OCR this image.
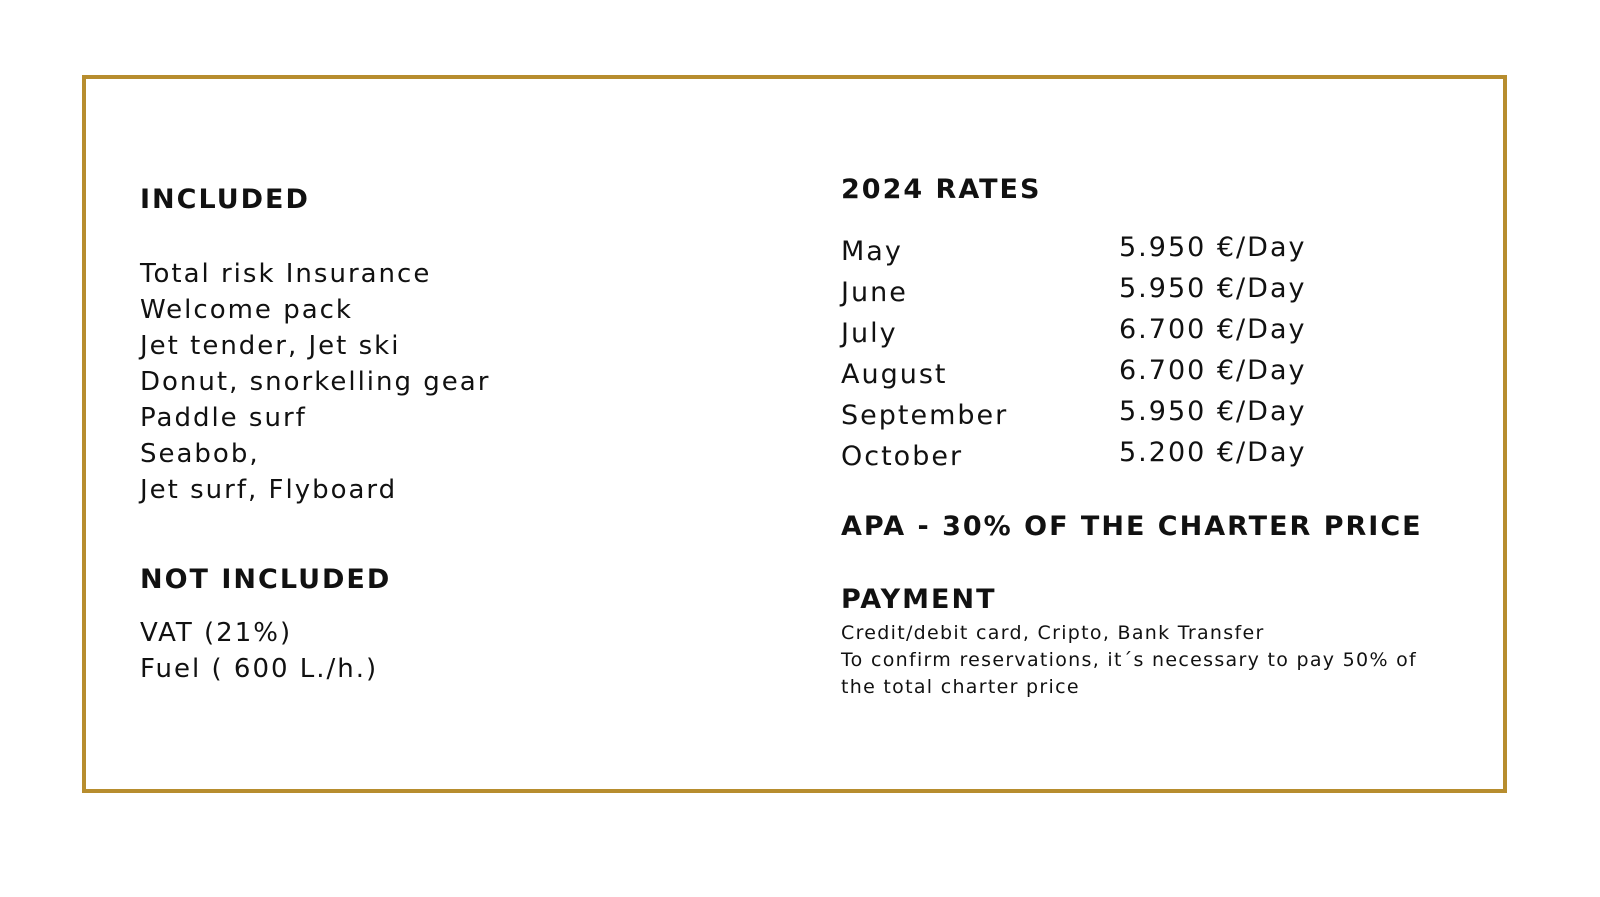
INCLUDED
Total risk Insurance
Welcome pack
Jet tender, Jet ski
Donut, snorkelling gear
Paddle surf
Seabob,
Jet surf, Flyboard
NOT INCLUDED
VAT (21%)
Fuel ( 600 L./h.)
2024 RATES
May	5.950 €/Day
June	5.950 €/Day
July	6.700 €/Day
August	6.700 €/Day
September	5.950 €/Day
October	5.200 €/Day
APA - 30% OF THE CHARTER PRICE
PAYMENT
Credit/debit card, Cripto, Bank Transfer
To confirm reservations, it´s necessary to pay 50% of
the total charter price
